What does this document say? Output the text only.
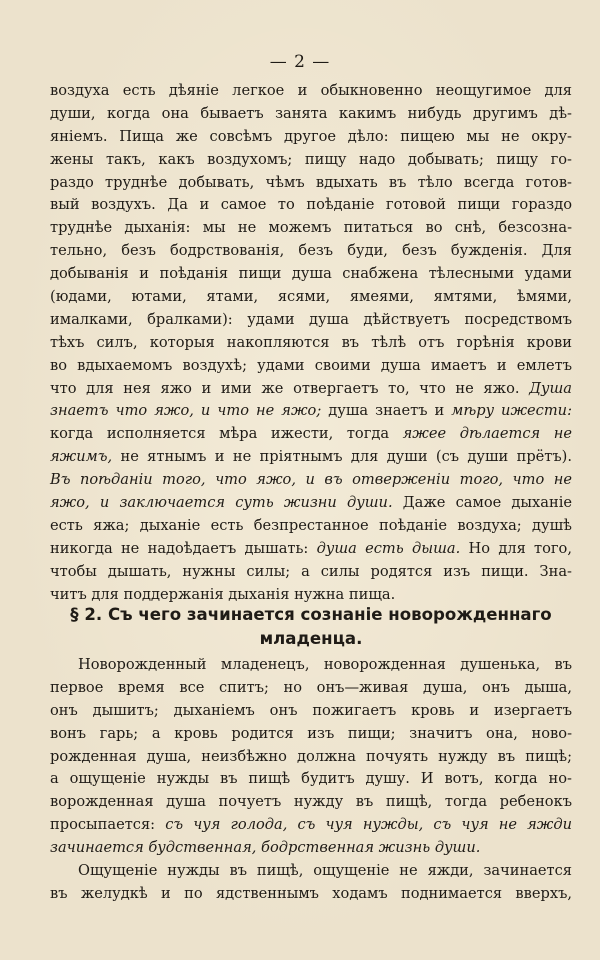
— 2 —
воздуха есть дѣяніе легкое и обыкновенно неощугимое для
души, когда она бываетъ занята какимъ нибудь другимъ дѣ-
яніемъ. Пища же совсѣмъ другое дѣло: пищею мы не окру-
жены такъ, какъ воздухомъ; пищу надо добывать; пищу го-
раздо труднѣе добывать, чѣмъ вдыхать въ тѣло всегда готов-
вый воздухъ. Да и самое то поѣданіе готовой пищи гораздо
труднѣе дыханія: мы не можемъ питаться во снѣ, безсозна-
тельно, безъ бодрствованія, безъ буди, безъ бужденія. Для
добыванія и поѣданія пищи душа снабжена тѣлесными удами
(юдами, ютами, ятами, ясями, ямеями, ямтями, ѣмями,
ималками, бралками): удами душа дѣйствуетъ посредствомъ
тѣхъ силъ, которыя накопляются въ тѣлѣ отъ горѣнія крови
во вдыхаемомъ воздухѣ; удами своими душа имаетъ и емлетъ
что для нея яжо и ими же отвергаетъ то, что не яжо. Душа
знаетъ что яжо, и что не яжо; душа знаетъ и мѣру ижести:
когда исполняется мѣра ижести, тогда яжее дѣлается не
яжимъ, не ятнымъ и не пріятнымъ для души (съ души прётъ).
Въ поѣданіи того, что яжо, и въ отверженіи того, что не
яжо, и заключается суть жизни души. Даже самое дыханіе
есть яжа; дыханіе есть безпрестанное поѣданіе воздуха; душѣ
никогда не надоѣдаетъ дышать: душа есть дыша. Но для того,
чтобы дышать, нужны силы; а силы родятся изъ пищи. Зна-
читъ для поддержанія дыханія нужна пища.
§ 2. Съ чего зачинается сознаніе новорожденнаго
младенца.
Новорожденный младенецъ, новорожденная душенька, въ
первое время все спитъ; но онъ—живая душа, онъ дыша,
онъ дышитъ; дыханіемъ онъ пожигаетъ кровь и изергаетъ
вонъ гарь; а кровь родится изъ пищи; значитъ она, ново-
рожденная душа, неизбѣжно должна почуять нужду въ пищѣ;
а ощущеніе нужды въ пищѣ будитъ душу. И вотъ, когда но-
ворожденная душа почуетъ нужду въ пищѣ, тогда ребенокъ
просыпается: съ чуя голода, съ чуя нужды, съ чуя не яжди
зачинается будственная, бодрственная жизнь души.
Ощущеніе нужды въ пищѣ, ощущеніе не яжди, зачинается
въ желудкѣ и по ядственнымъ ходамъ поднимается вверхъ,
